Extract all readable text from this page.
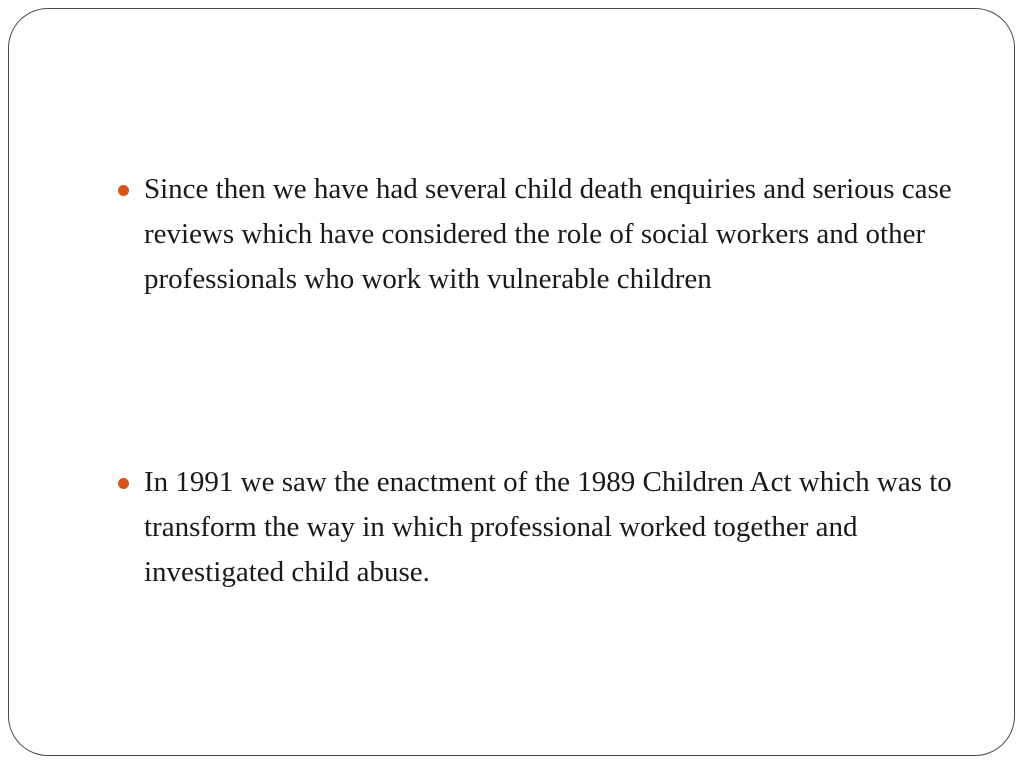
Since then we have had several child death enquiries and serious case reviews which have considered the role of social workers and other professionals who work with vulnerable children
In 1991 we saw the enactment of the 1989 Children Act which was to transform the way in which professional worked together and investigated child abuse.
